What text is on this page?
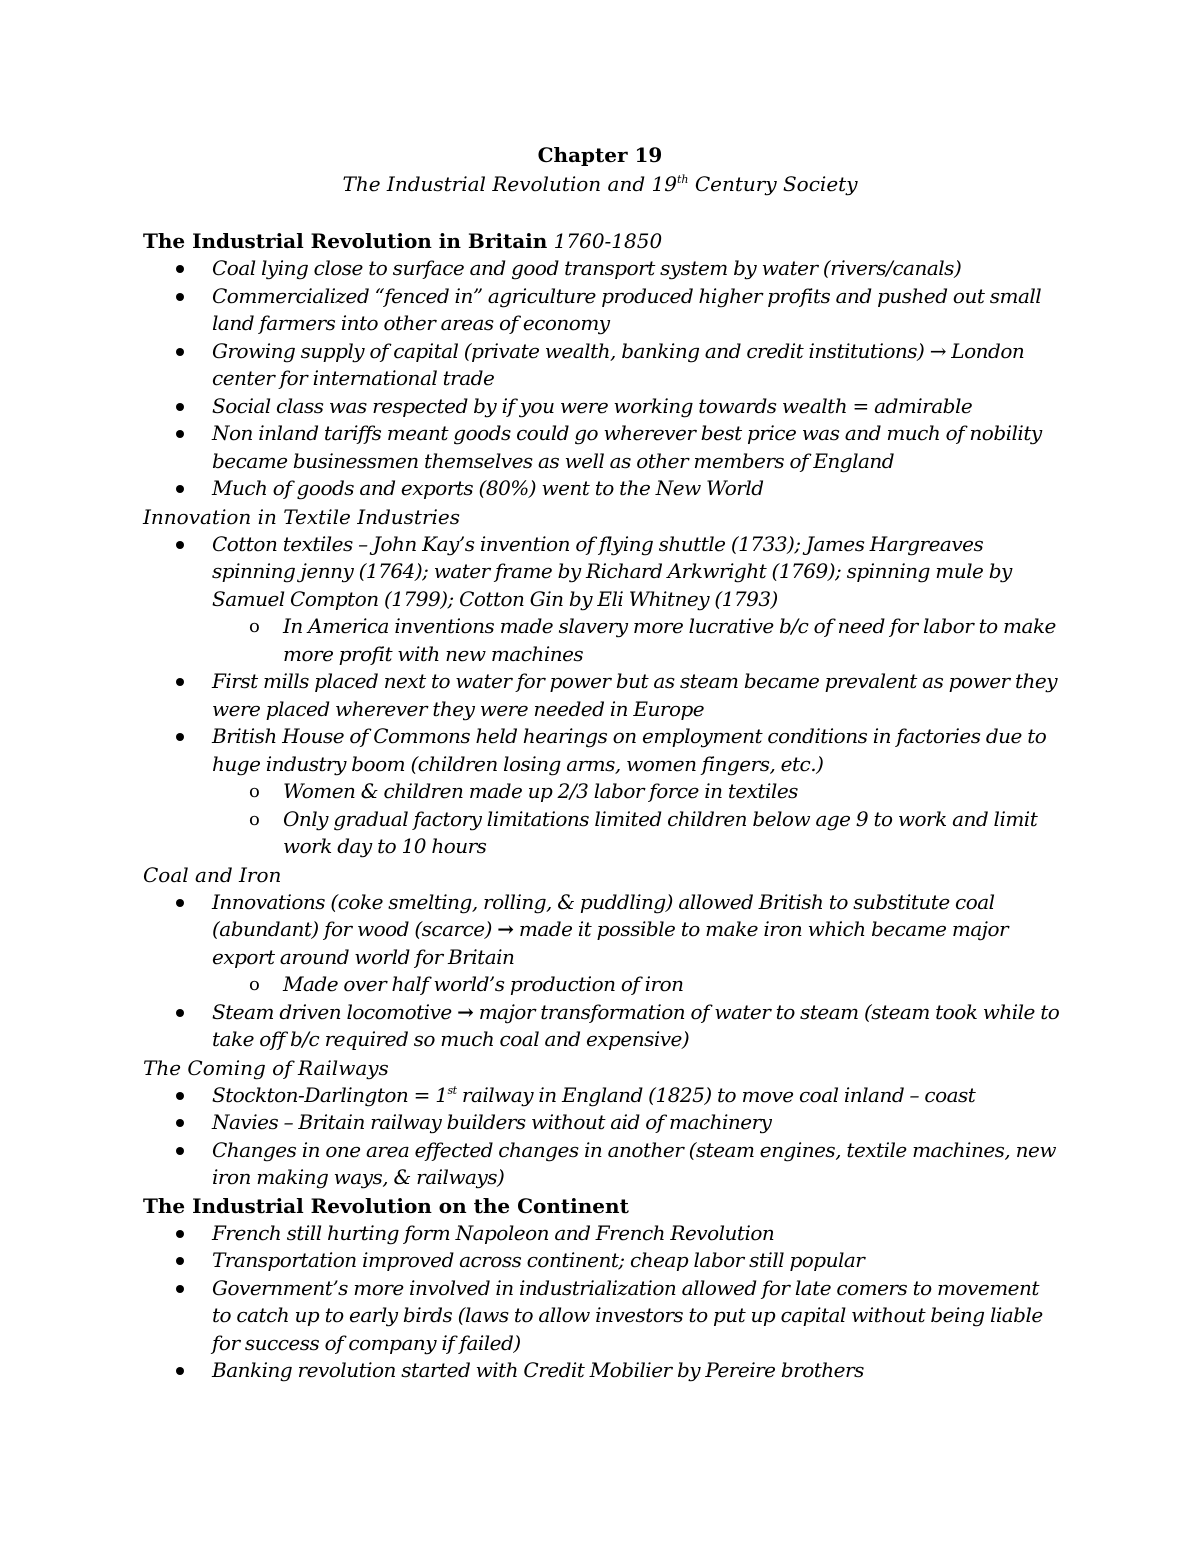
Chapter 19
The Industrial Revolution and 19th Century Society
The Industrial Revolution in Britain 1760-1850
Coal lying close to surface and good transport system by water (rivers/canals)
Commercialized “fenced in” agriculture produced higher profits and pushed out small land farmers into other areas of economy
Growing supply of capital (private wealth, banking and credit institutions) → London center for international trade
Social class was respected by if you were working towards wealth = admirable
Non inland tariffs meant goods could go wherever best price was and much of nobility became businessmen themselves as well as other members of England
Much of goods and exports (80%) went to the New World
Innovation in Textile Industries
Cotton textiles – John Kay’s invention of flying shuttle (1733); James Hargreaves spinning jenny (1764); water frame by Richard Arkwright (1769); spinning mule by Samuel Compton (1799); Cotton Gin by Eli Whitney (1793)
o In America inventions made slavery more lucrative b/c of need for labor to make more profit with new machines
First mills placed next to water for power but as steam became prevalent as power they were placed wherever they were needed in Europe
British House of Commons held hearings on employment conditions in factories due to huge industry boom (children losing arms, women fingers, etc.)
o Women & children made up 2/3 labor force in textiles
o Only gradual factory limitations limited children below age 9 to work and limit work day to 10 hours
Coal and Iron
Innovations (coke smelting, rolling, & puddling) allowed British to substitute coal (abundant) for wood (scarce) → made it possible to make iron which became major export around world for Britain
o Made over half world’s production of iron
Steam driven locomotive → major transformation of water to steam (steam took while to take off b/c required so much coal and expensive)
The Coming of Railways
Stockton-Darlington = 1st railway in England (1825) to move coal inland – coast
Navies – Britain railway builders without aid of machinery
Changes in one area effected changes in another (steam engines, textile machines, new iron making ways, & railways)
The Industrial Revolution on the Continent
French still hurting form Napoleon and French Revolution
Transportation improved across continent; cheap labor still popular
Government’s more involved in industrialization allowed for late comers to movement to catch up to early birds (laws to allow investors to put up capital without being liable for success of company if failed)
Banking revolution started with Credit Mobilier by Pereire brothers
